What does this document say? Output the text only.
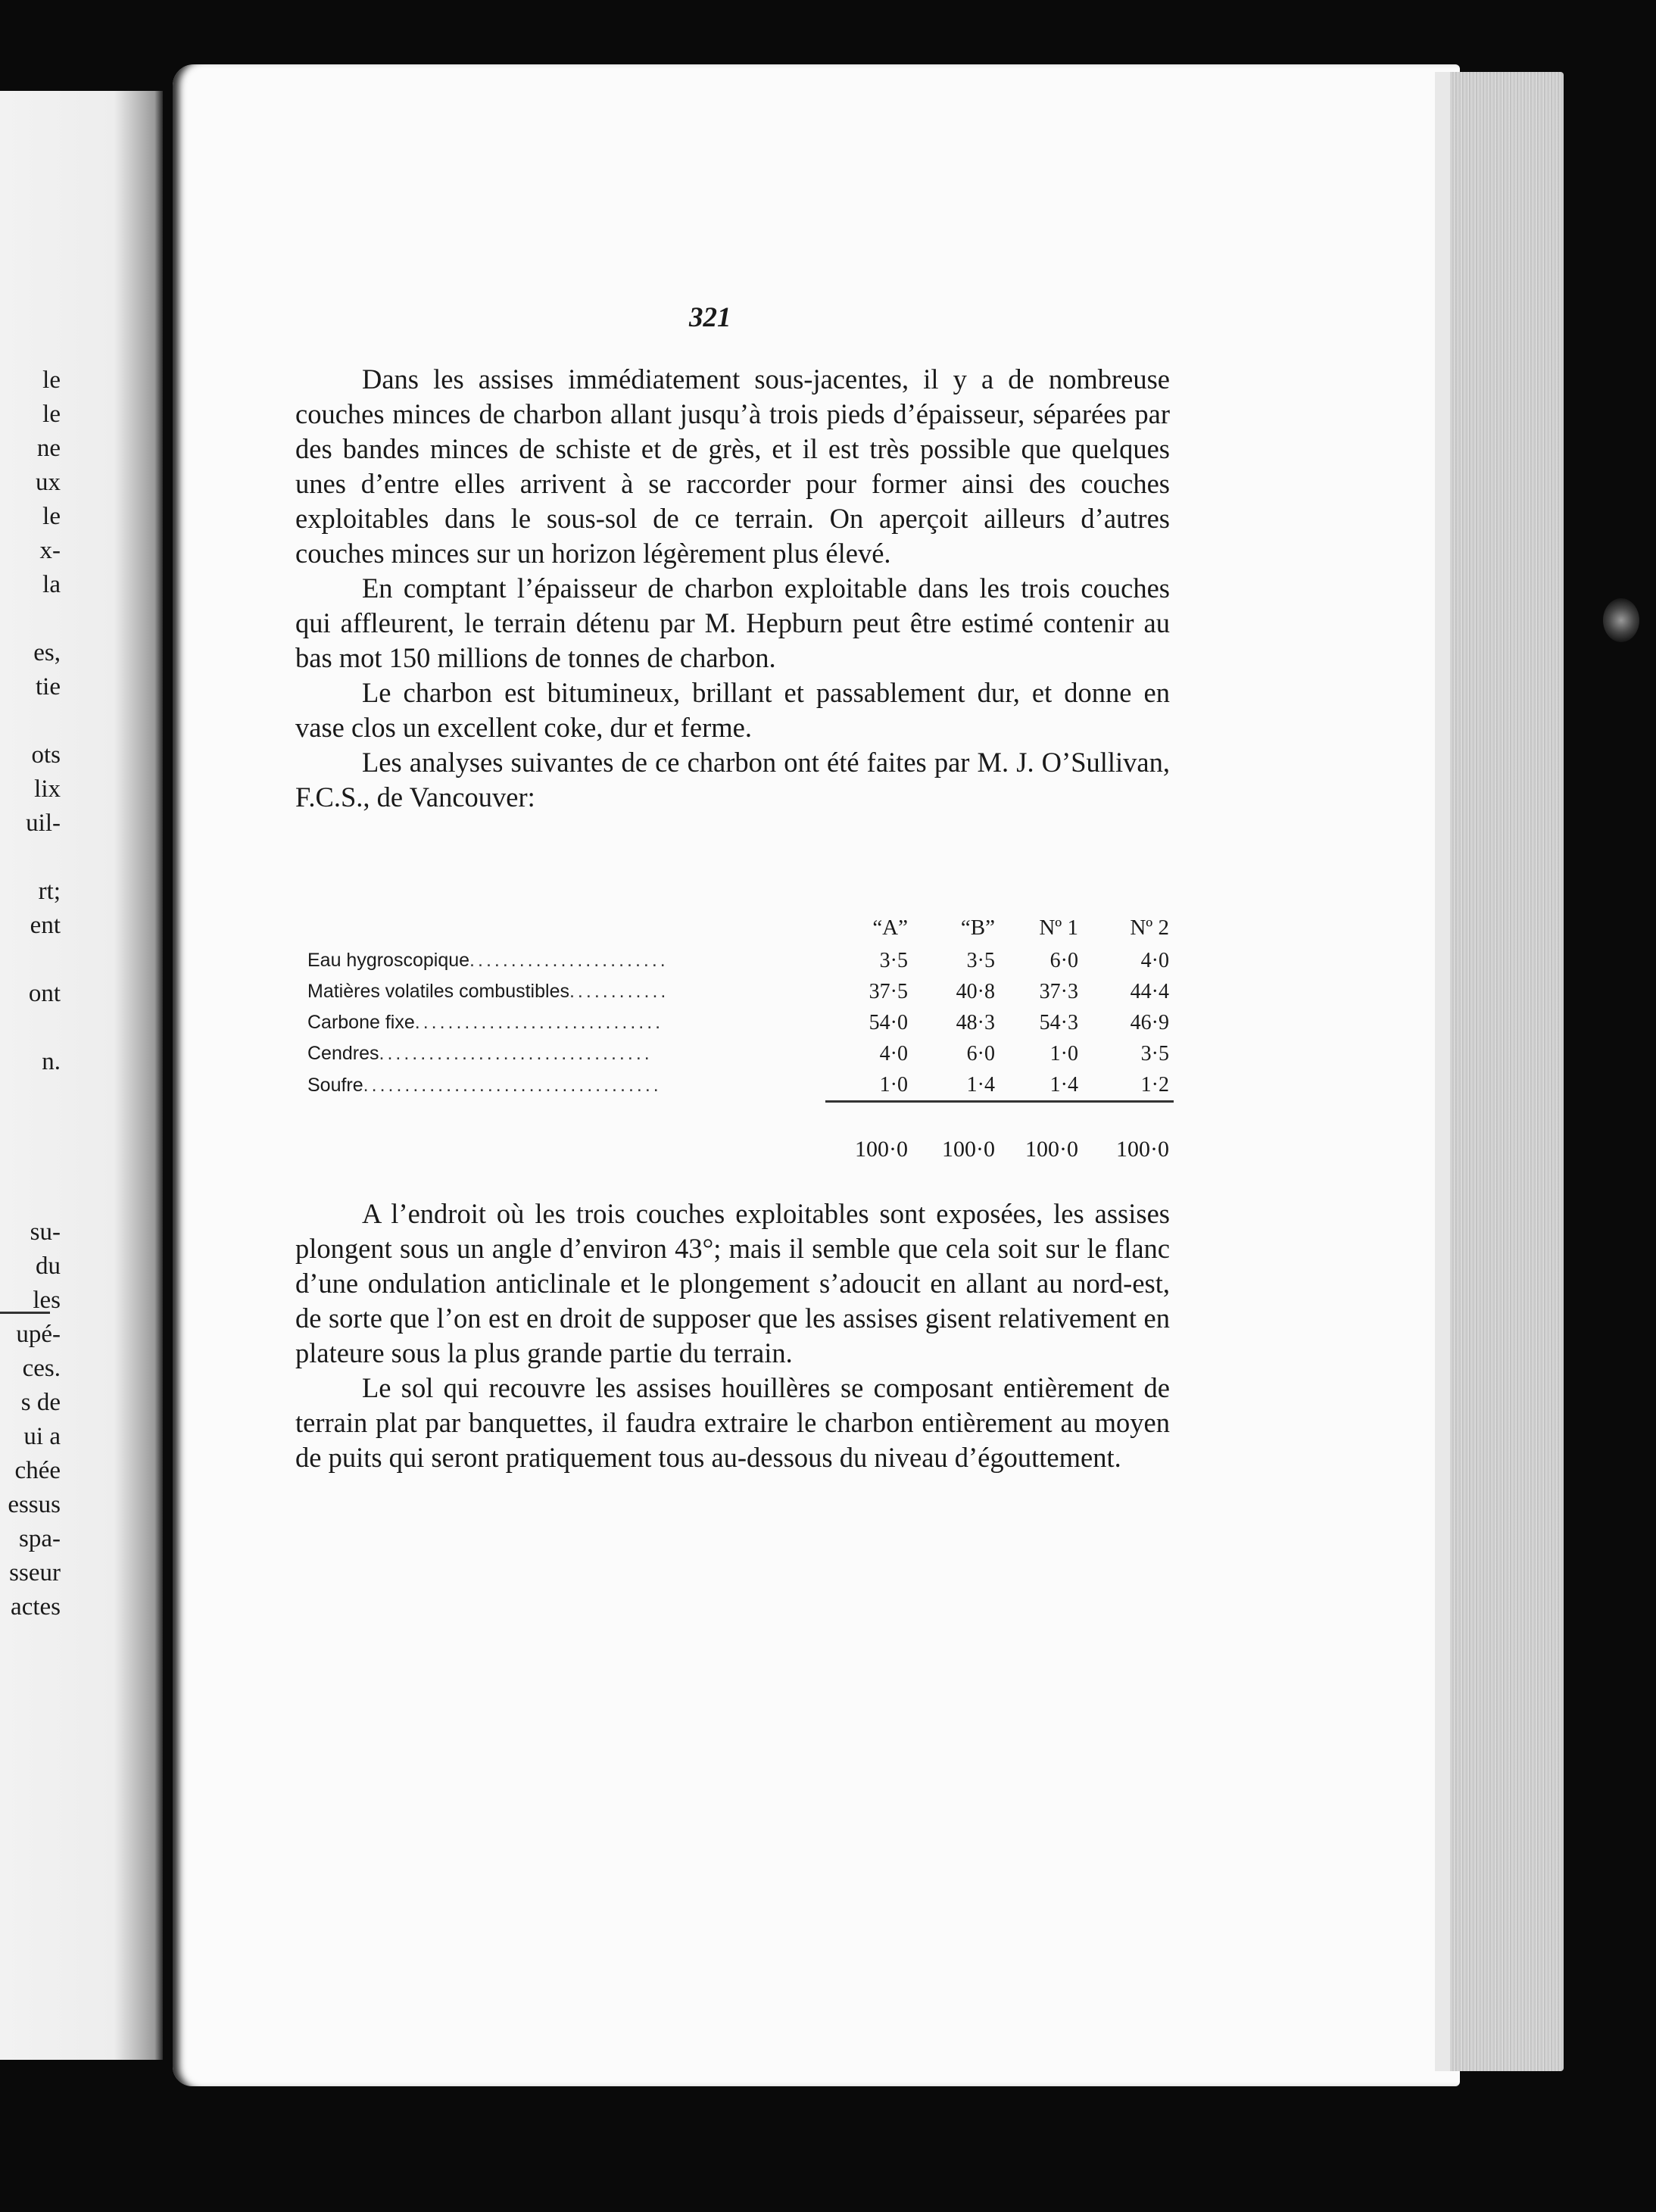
le
le
ne
ux
le
x-
la
es,
tie
ots
lix
uil-
rt;
ent
ont
n.
su-
du
les
upé-
ces.
s de
ui a
chée
essus
spa-
sseur
actes
321

Dans les assises immédiatement sous-jacentes, il y a de nombreuse couches minces de charbon allant jusqu’à trois pieds d’épaisseur, séparées par des bandes minces de schiste et de grès, et il est très possible que quelques unes d’entre elles arrivent à se raccorder pour former ainsi des couches exploitables dans le sous-sol de ce terrain. On aperçoit ailleurs d’autres couches minces sur un horizon légèrement plus élevé.

En comptant l’épaisseur de charbon exploitable dans les trois couches qui affleurent, le terrain détenu par M. Hepburn peut être estimé contenir au bas mot 150 millions de tonnes de charbon.

Le charbon est bitumineux, brillant et passablement dur, et donne en vase clos un excellent coke, dur et ferme.

Les analyses suivantes de ce charbon ont été faites par M. J. O’Sullivan, F.C.S., de Vancouver:

	“A”	“B”	Nº 1	Nº 2
Eau hygroscopique........................	3·5	3·5	6·0	4·0
Matières volatiles combustibles............	37·5	40·8	37·3	44·4
Carbone fixe..............................	54·0	48·3	54·3	46·9
Cendres.................................	4·0	6·0	1·0	3·5
Soufre....................................	1·0	1·4	1·4	1·2

	100·0	100·0	100·0	100·0

A l’endroit où les trois couches exploitables sont exposées, les assises plongent sous un angle d’environ 43°; mais il semble que cela soit sur le flanc d’une ondulation anticlinale et le plongement s’adoucit en allant au nord-est, de sorte que l’on est en droit de supposer que les assises gisent relativement en plateure sous la plus grande partie du terrain.

Le sol qui recouvre les assises houillères se composant entièrement de terrain plat par banquettes, il faudra extraire le charbon entièrement au moyen de puits qui seront pratiquement tous au-dessous du niveau d’égouttement.
